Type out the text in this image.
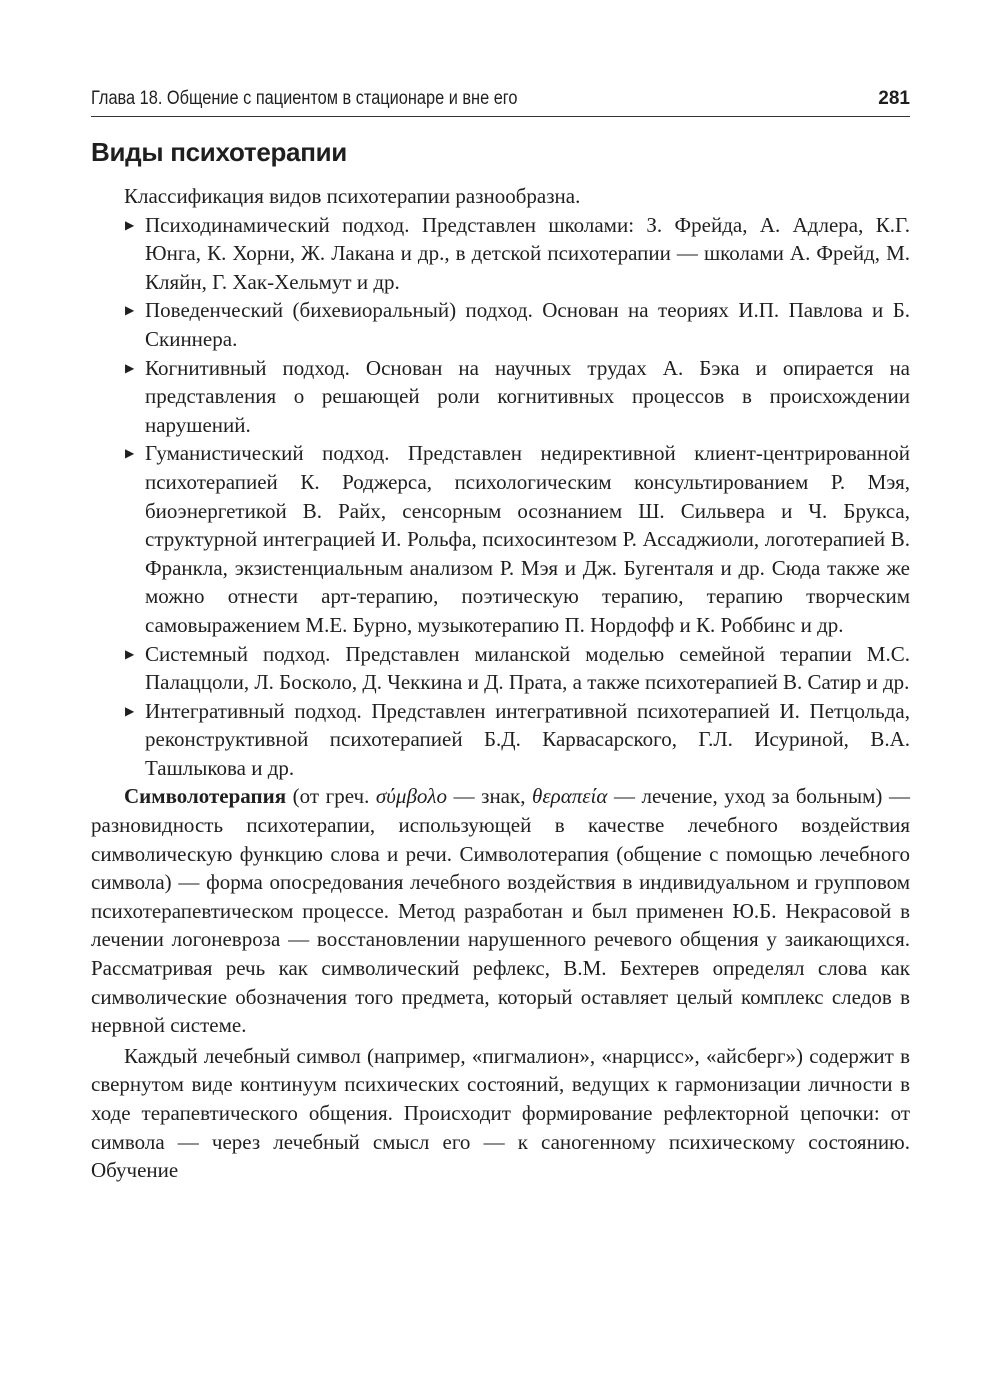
Глава 18. Общение с пациентом в стационаре и вне его	281
Виды психотерапии

Классификация видов психотерапии разнообразна.

▶ Психодинамический подход. Представлен школами: З. Фрейда, А. Адлера, К.Г. Юнга, К. Хорни, Ж. Лакана и др., в детской психотерапии — школами А. Фрейд, М. Кляйн, Г. Хак-Хельмут и др.
▶ Поведенческий (бихевиоральный) подход. Основан на теориях И.П. Павлова и Б. Скиннера.
▶ Когнитивный подход. Основан на научных трудах А. Бэка и опирается на представления о решающей роли когнитивных процессов в происхождении нарушений.
▶ Гуманистический подход. Представлен недирективной клиент-центрированной психотерапией К. Роджерса, психологическим консультированием Р. Мэя, биоэнергетикой В. Райх, сенсорным осознанием Ш. Сильвера и Ч. Брукса, структурной интеграцией И. Рольфа, психосинтезом Р. Ассаджиоли, логотерапией В. Франкла, экзистенциальным анализом Р. Мэя и Дж. Бугенталя и др. Сюда также же можно отнести арт-терапию, поэтическую терапию, терапию творческим самовыражением М.Е. Бурно, музыкотерапию П. Нордофф и К. Роббинс и др.
▶ Системный подход. Представлен миланской моделью семейной терапии М.С. Палаццоли, Л. Босколо, Д. Чеккина и Д. Прата, а также психотерапией В. Сатир и др.
▶ Интегративный подход. Представлен интегративной психотерапией И. Петцольда, реконструктивной психотерапией Б.Д. Карвасарского, Г.Л. Исуриной, В.А. Ташлыкова и др.

Символотерапия (от греч. σύμβολο — знак, θεραπεία — лечение, уход за больным) — разновидность психотерапии, использующей в качестве лечебного воздействия символическую функцию слова и речи. Символотерапия (общение с помощью лечебного символа) — форма опосредования лечебного воздействия в индивидуальном и групповом психотерапевтическом процессе. Метод разработан и был применен Ю.Б. Некрасовой в лечении логоневроза — восстановлении нарушенного речевого общения у заикающихся. Рассматривая речь как символический рефлекс, В.М. Бехтерев определял слова как символические обозначения того предмета, который оставляет целый комплекс следов в нервной системе.

Каждый лечебный символ (например, «пигмалион», «нарцисс», «айсберг») содержит в свернутом виде континуум психических состояний, ведущих к гармонизации личности в ходе терапевтического общения. Происходит формирование рефлекторной цепочки: от символа — через лечебный смысл его — к саногенному психическому состоянию. Обучение
